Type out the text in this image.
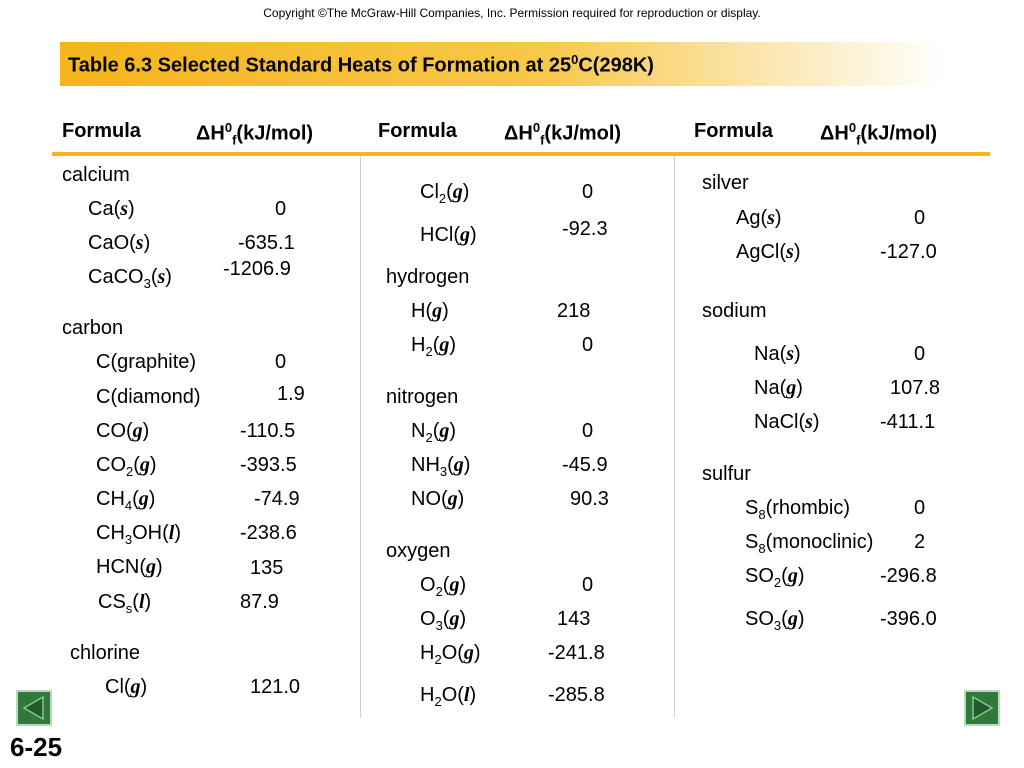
Copyright ©The McGraw-Hill Companies, Inc. Permission required for reproduction or display.
Table 6.3 Selected Standard Heats of Formation at $25^0C(298K)$
Formula	$\Delta H^0_f(kJ/mol)$	Formula $\Delta H^0_f(kJ/mol)$	Formula $\Delta H^0_f(kJ/mol)$
calcium
Ca(s)	0
CaO(s)	-635.1
CaCO$_3$(s)	-1206.9
carbon
C(graphite)	0
C(diamond)	1.9
CO(g)	-110.5
$CO_2(g)$	-393.5
$CH_4(g)$	-74.9
$CH_3OH(l)$	-238.6
HCN(g)	135
$CS_s(l)$	87.9
chlorine
Cl(g)	121.0
$Cl_2(g)$	0
HCl(g)	-92.3
hydrogen
H(g)	218
$H_2(g)$	0
nitrogen
$N_2(g)$	0
$NH_3(g)$	-45.9
NO(g)	90.3
oxygen
$O_2(g)$	0
$O_3(g)$	143
$H_2O(g)$	-241.8
$H_2O(l)$	-285.8
silver
Ag(s)	0
AgCl(s)	-127.0
sodium
Na(s)	0
Na(g)	107.8
NaCl(s)	-411.1
sulfur
$S_8(rhombic)$	0
$S_8(monoclinic)$ 2
$SO_2(g)$	-296.8
$SO_3(g)$	-396.0
6-25
